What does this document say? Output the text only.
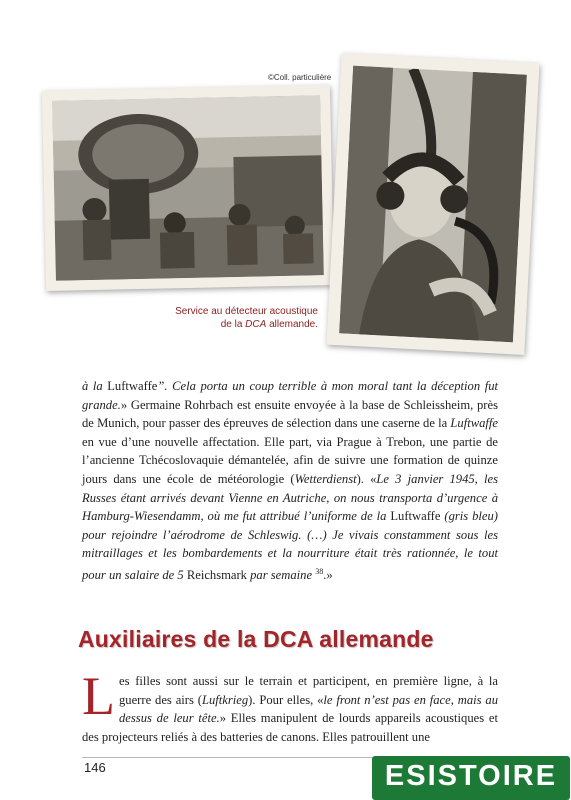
©Coll. particulière
Service au détecteur acoustique
de la DCA allemande.

à la Luftwaffe”. Cela porta un coup terrible à mon moral tant la déception fut grande.» Germaine Rohrbach est ensuite envoyée à la base de Schleissheim, près de Munich, pour passer des épreuves de sélection dans une caserne de la Luftwaffe en vue d’une nouvelle affectation. Elle part, via Prague à Trebon, une partie de l’ancienne Tchécoslovaquie démantelée, afin de suivre une formation de quinze jours dans une école de météorologie (Wetterdienst). «Le 3 janvier 1945, les Russes étant arrivés devant Vienne en Autriche, on nous transporta d’urgence à Hamburg-Wiesendamm, où me fut attribué l’uniforme de la Luftwaffe (gris bleu) pour rejoindre l’aérodrome de Schleswig. (…) Je vivais constamment sous les mitraillages et les bombardements et la nourriture était très rationnée, le tout pour un salaire de 5 Reichsmark par semaine $^{38}$.»

Auxiliaires de la DCA allemande

Les filles sont aussi sur le terrain et participent, en première ligne, à la guerre des airs (Luftkrieg). Pour elles, «le front n’est pas en face, mais au dessus de leur tête.» Elles manipulent de lourds appareils acoustiques et des projecteurs reliés à des batteries de canons. Elles patrouillent une

146	ESISTOIRE
